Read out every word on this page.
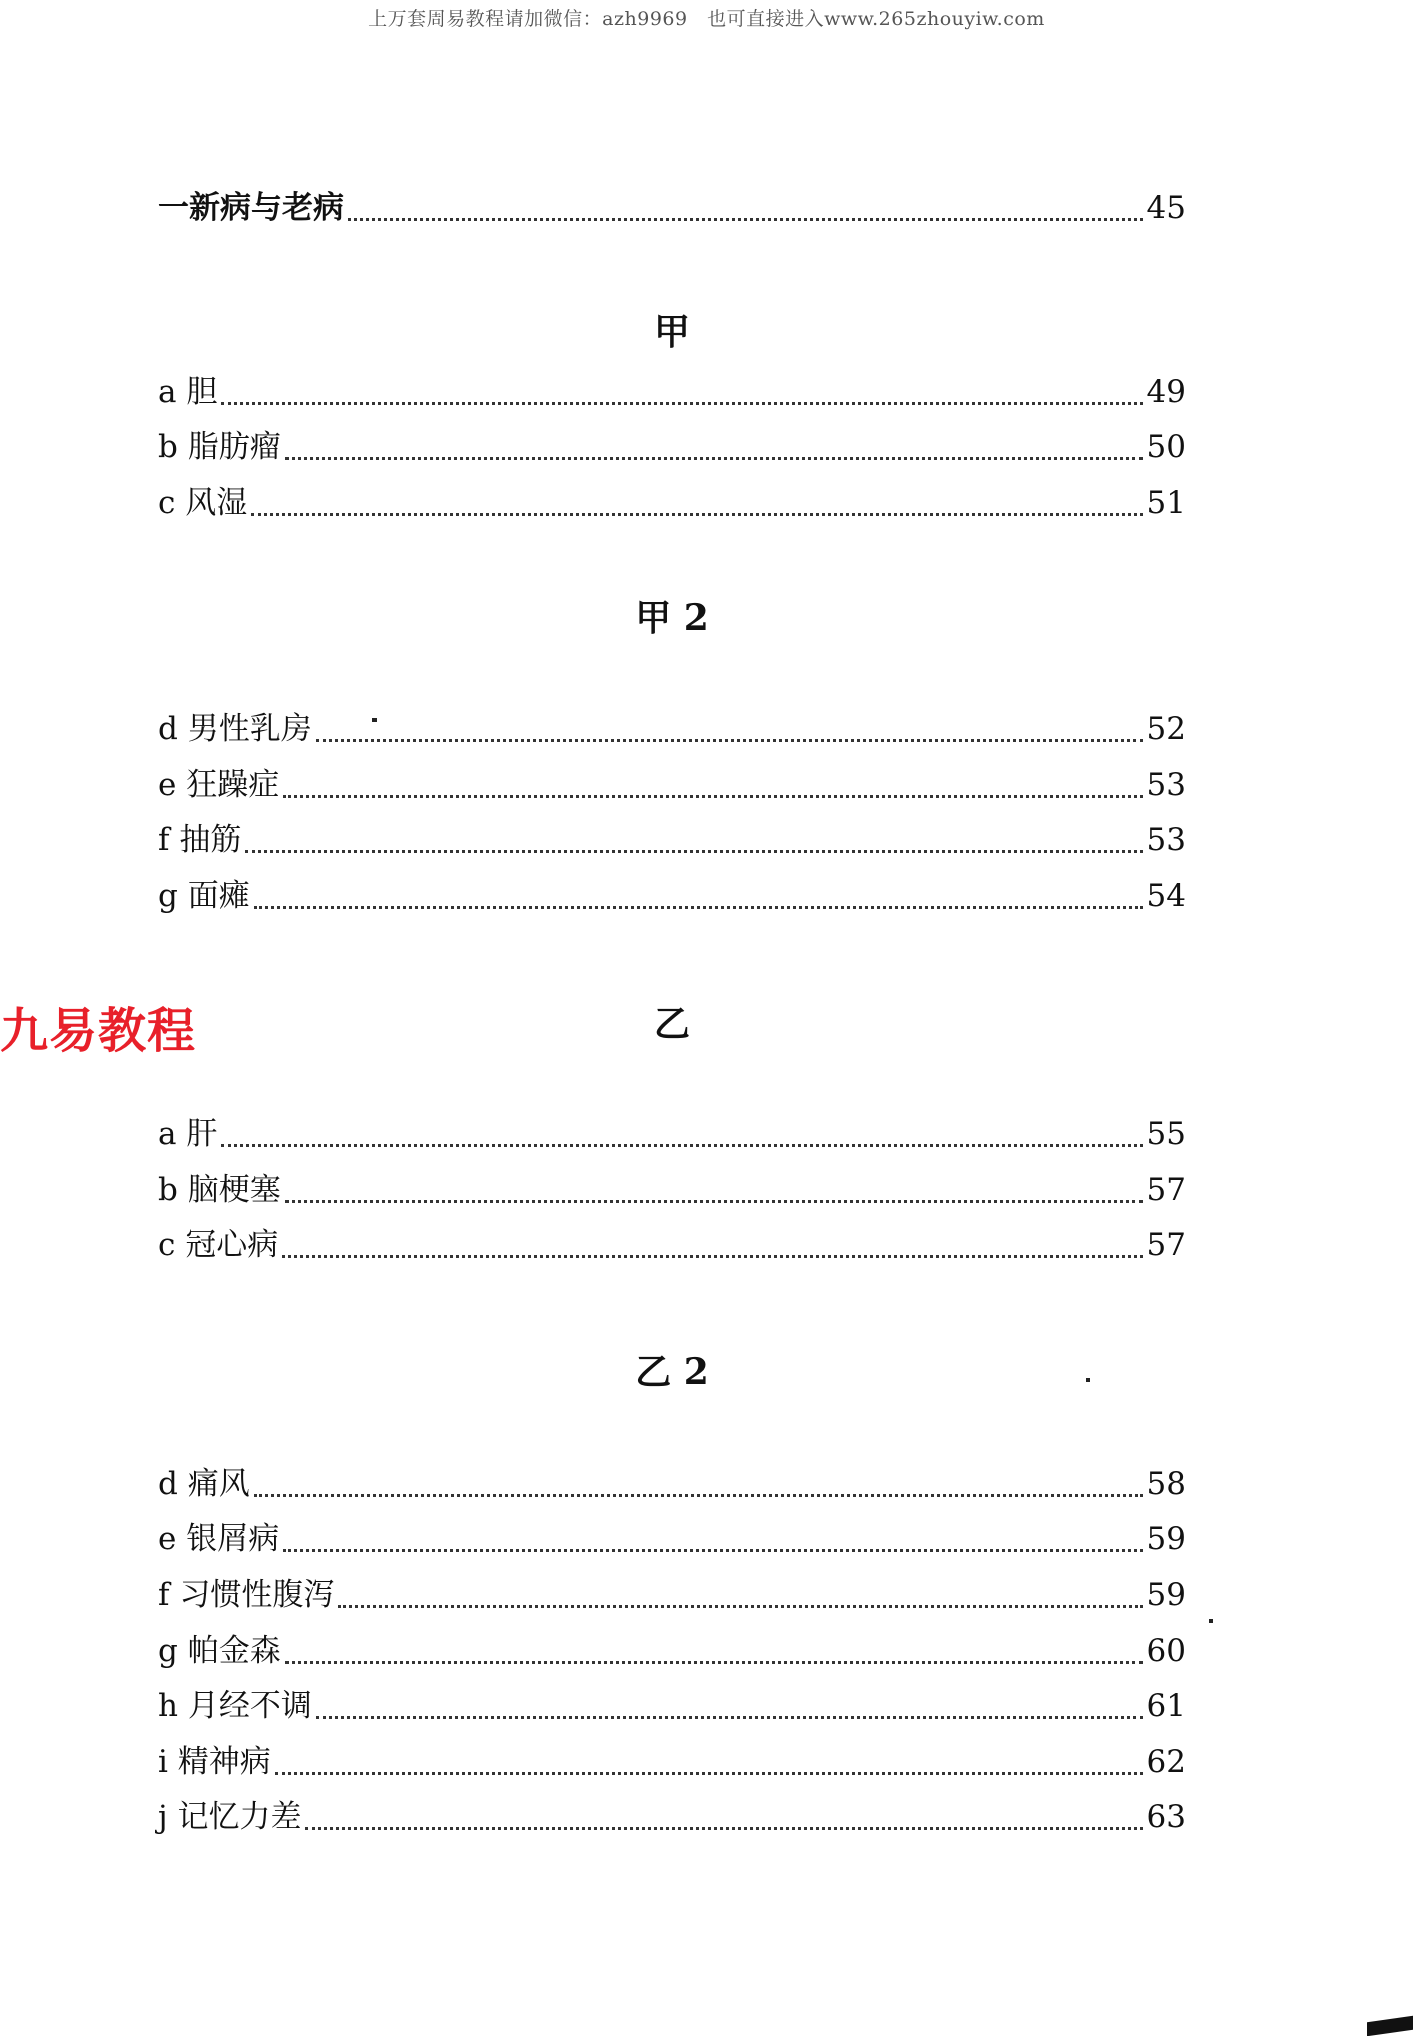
上万套周易教程请加微信：azh9969　也可直接进入www.265zhouyiw.com
九易教程
一新病与老病	45
甲
a 胆	49
b 脂肪瘤	50
c 风湿	51
甲 2
d 男性乳房	52
e 狂躁症	53
f 抽筋	53
g 面瘫	54
乙
a 肝	55
b 脑梗塞	57
c 冠心病	57
乙 2
d 痛风	58
e 银屑病	59
f 习惯性腹泻	59
g 帕金森	60
h 月经不调	61
i 精神病	62
j 记忆力差	63
